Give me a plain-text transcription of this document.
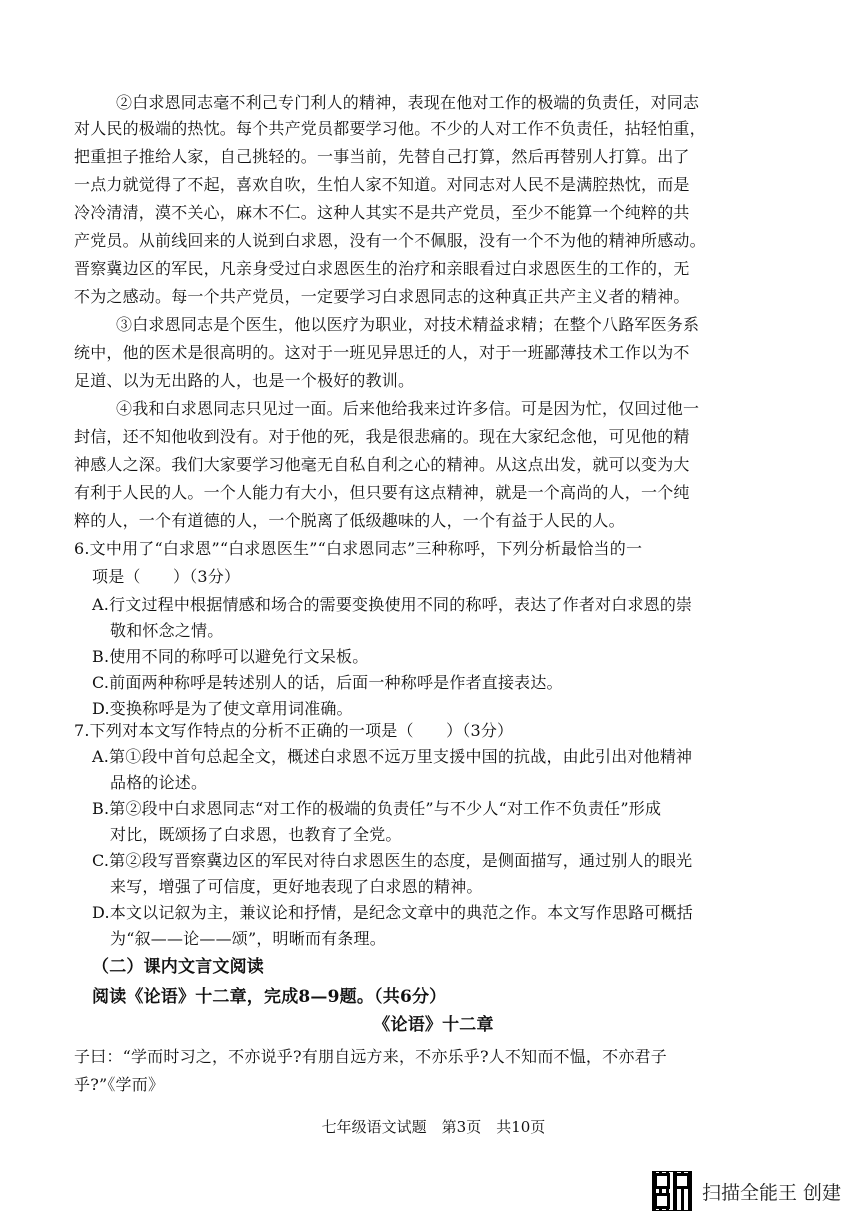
②白求恩同志毫不利己专门利人的精神，表现在他对工作的极端的负责任，对同志
对人民的极端的热忱。每个共产党员都要学习他。不少的人对工作不负责任，拈轻怕重，
把重担子推给人家，自己挑轻的。一事当前，先替自己打算，然后再替别人打算。出了
一点力就觉得了不起，喜欢自吹，生怕人家不知道。对同志对人民不是满腔热忱，而是
冷冷清清，漠不关心，麻木不仁。这种人其实不是共产党员，至少不能算一个纯粹的共
产党员。从前线回来的人说到白求恩，没有一个不佩服，没有一个不为他的精神所感动。
晋察冀边区的军民，凡亲身受过白求恩医生的治疗和亲眼看过白求恩医生的工作的，无
不为之感动。每一个共产党员，一定要学习白求恩同志的这种真正共产主义者的精神。
③白求恩同志是个医生，他以医疗为职业，对技术精益求精；在整个八路军医务系
统中，他的医术是很高明的。这对于一班见异思迁的人，对于一班鄙薄技术工作以为不
足道、以为无出路的人，也是一个极好的教训。
④我和白求恩同志只见过一面。后来他给我来过许多信。可是因为忙，仅回过他一
封信，还不知他收到没有。对于他的死，我是很悲痛的。现在大家纪念他，可见他的精
神感人之深。我们大家要学习他毫无自私自利之心的精神。从这点出发，就可以变为大
有利于人民的人。一个人能力有大小，但只要有这点精神，就是一个高尚的人，一个纯
粹的人，一个有道德的人，一个脱离了低级趣味的人，一个有益于人民的人。
6.文中用了“白求恩”“白求恩医生”“白求恩同志”三种称呼，下列分析最恰当的一
项是（　　）（3分）
A.行文过程中根据情感和场合的需要变换使用不同的称呼，表达了作者对白求恩的崇
敬和怀念之情。
B.使用不同的称呼可以避免行文呆板。
C.前面两种称呼是转述别人的话，后面一种称呼是作者直接表达。
D.变换称呼是为了使文章用词准确。
7.下列对本文写作特点的分析不正确的一项是（　　）（3分）
A.第①段中首句总起全文，概述白求恩不远万里支援中国的抗战，由此引出对他精神
品格的论述。
B.第②段中白求恩同志“对工作的极端的负责任”与不少人“对工作不负责任”形成
对比，既颂扬了白求恩，也教育了全党。
C.第②段写晋察冀边区的军民对待白求恩医生的态度，是侧面描写，通过别人的眼光
来写，增强了可信度，更好地表现了白求恩的精神。
D.本文以记叙为主，兼议论和抒情，是纪念文章中的典范之作。本文写作思路可概括
为“叙——论——颂”，明晰而有条理。
（二）课内文言文阅读
阅读《论语》十二章，完成8—9题。（共6分）
《论语》十二章
子曰：“学而时习之，不亦说乎?有朋自远方来，不亦乐乎?人不知而不愠，不亦君子
乎?”《学而》
七年级语文试题　第3页　共10页
扫描全能王 创建
